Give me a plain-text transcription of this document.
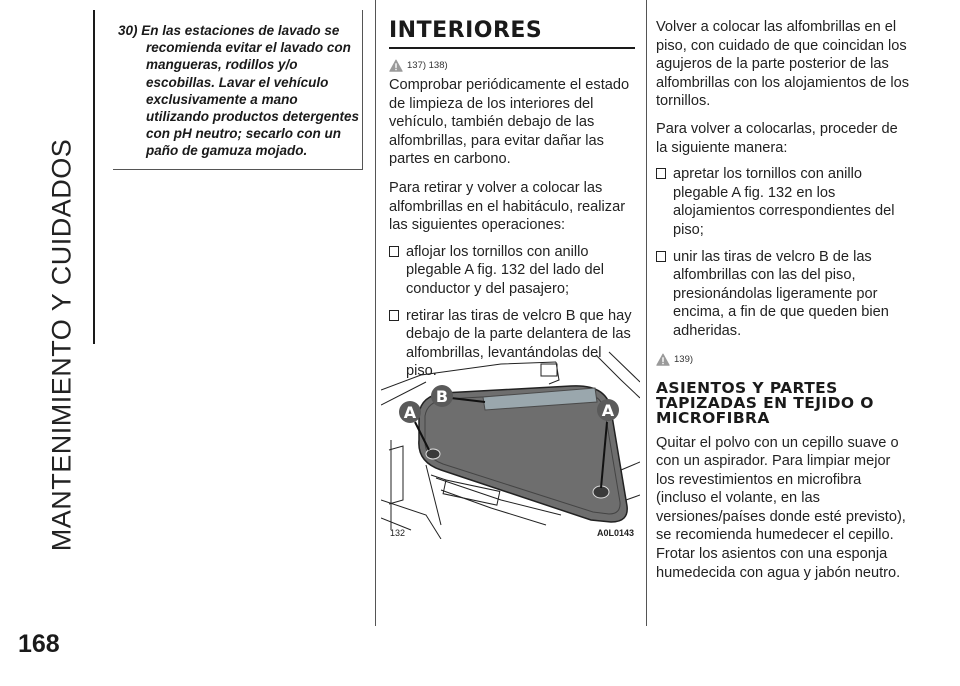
MANTENIMIENTO Y CUIDADOS
168
30) En las estaciones de lavado se recomienda evitar el lavado con mangueras, rodillos y/o escobillas. Lavar el vehículo exclusivamente a mano utilizando productos detergentes con pH neutro; secarlo con un paño de gamuza mojado.
INTERIORES
137) 138)
Comprobar periódicamente el estado de limpieza de los interiores del vehículo, también debajo de las alfombrillas, para evitar dañar las partes en carbono.
Para retirar y volver a colocar las alfombrillas en el habitáculo, realizar las siguientes operaciones:
aflojar los tornillos con anillo plegable A fig. 132 del lado del conductor y del pasajero;
retirar las tiras de velcro B que hay debajo de la parte delantera de las alfombrillas, levantándolas del piso.
A	A
B
132	A0L0143
Volver a colocar las alfombrillas en el piso, con cuidado de que coincidan los agujeros de la parte posterior de las alfombrillas con los alojamientos de los tornillos.
Para volver a colocarlas, proceder de la siguiente manera:
apretar los tornillos con anillo plegable A fig. 132 en los alojamientos correspondientes del piso;
unir las tiras de velcro B de las alfombrillas con las del piso, presionándolas ligeramente por encima, a fin de que queden bien adheridas.
139)
ASIENTOS Y PARTES TAPIZADAS EN TEJIDO O MICROFIBRA
Quitar el polvo con un cepillo suave o con un aspirador. Para limpiar mejor los revestimientos en microfibra (incluso el volante, en las versiones/países donde esté previsto), se recomienda humedecer el cepillo. Frotar los asientos con una esponja humedecida con agua y jabón neutro.
